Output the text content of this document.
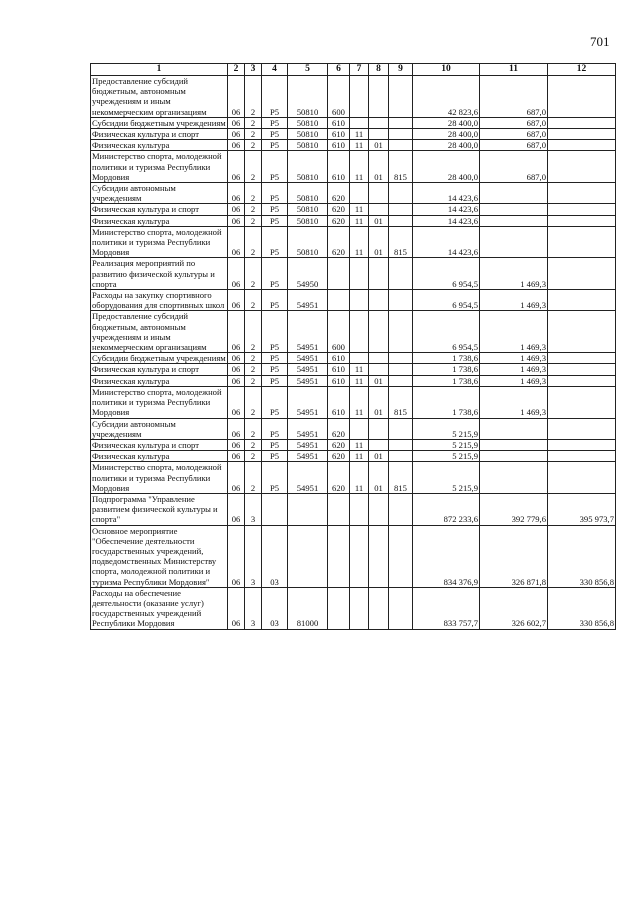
701
1	2	3	4	5	6	7	8	9	10	11	12
Предоставление субсидий бюджетным, автономным учреждениям и иным некоммерческим организациям	06	2	Р5	50810	600				42 823,6	687,0	
Субсидии бюджетным учреждениям	06	2	Р5	50810	610				28 400,0	687,0	
Физическая культура и спорт	06	2	Р5	50810	610	11			28 400,0	687,0	
Физическая культура	06	2	Р5	50810	610	11	01		28 400,0	687,0	
Министерство спорта, молодежной политики и туризма Республики Мордовия	06	2	Р5	50810	610	11	01	815	28 400,0	687,0	
Субсидии автономным учреждениям	06	2	Р5	50810	620				14 423,6		
Физическая культура и спорт	06	2	Р5	50810	620	11			14 423,6		
Физическая культура	06	2	Р5	50810	620	11	01		14 423,6		
Министерство спорта, молодежной политики и туризма Республики Мордовия	06	2	Р5	50810	620	11	01	815	14 423,6		
Реализация мероприятий по развитию физической культуры и спорта	06	2	Р5	54950					6 954,5	1 469,3	
Расходы на закупку спортивного оборудования для спортивных школ	06	2	Р5	54951					6 954,5	1 469,3	
Предоставление субсидий бюджетным, автономным учреждениям и иным некоммерческим организациям	06	2	Р5	54951	600				6 954,5	1 469,3	
Субсидии бюджетным учреждениям	06	2	Р5	54951	610				1 738,6	1 469,3	
Физическая культура и спорт	06	2	Р5	54951	610	11			1 738,6	1 469,3	
Физическая культура	06	2	Р5	54951	610	11	01		1 738,6	1 469,3	
Министерство спорта, молодежной политики и туризма Республики Мордовия	06	2	Р5	54951	610	11	01	815	1 738,6	1 469,3	
Субсидии автономным учреждениям	06	2	Р5	54951	620				5 215,9		
Физическая культура и спорт	06	2	Р5	54951	620	11			5 215,9		
Физическая культура	06	2	Р5	54951	620	11	01		5 215,9		
Министерство спорта, молодежной политики и туризма Республики Мордовия	06	2	Р5	54951	620	11	01	815	5 215,9		
Подпрограмма "Управление развитием физической культуры и спорта"	06	3							872 233,6	392 779,6	395 973,7
Основное мероприятие "Обеспечение деятельности государственных учреждений, подведомственных Министерству спорта, молодежной политики и туризма Республики Мордовия"	06	3	03						834 376,9	326 871,8	330 856,8
Расходы на обеспечение деятельности (оказание услуг) государственных учреждений Республики Мордовия	06	3	03	81000					833 757,7	326 602,7	330 856,8
